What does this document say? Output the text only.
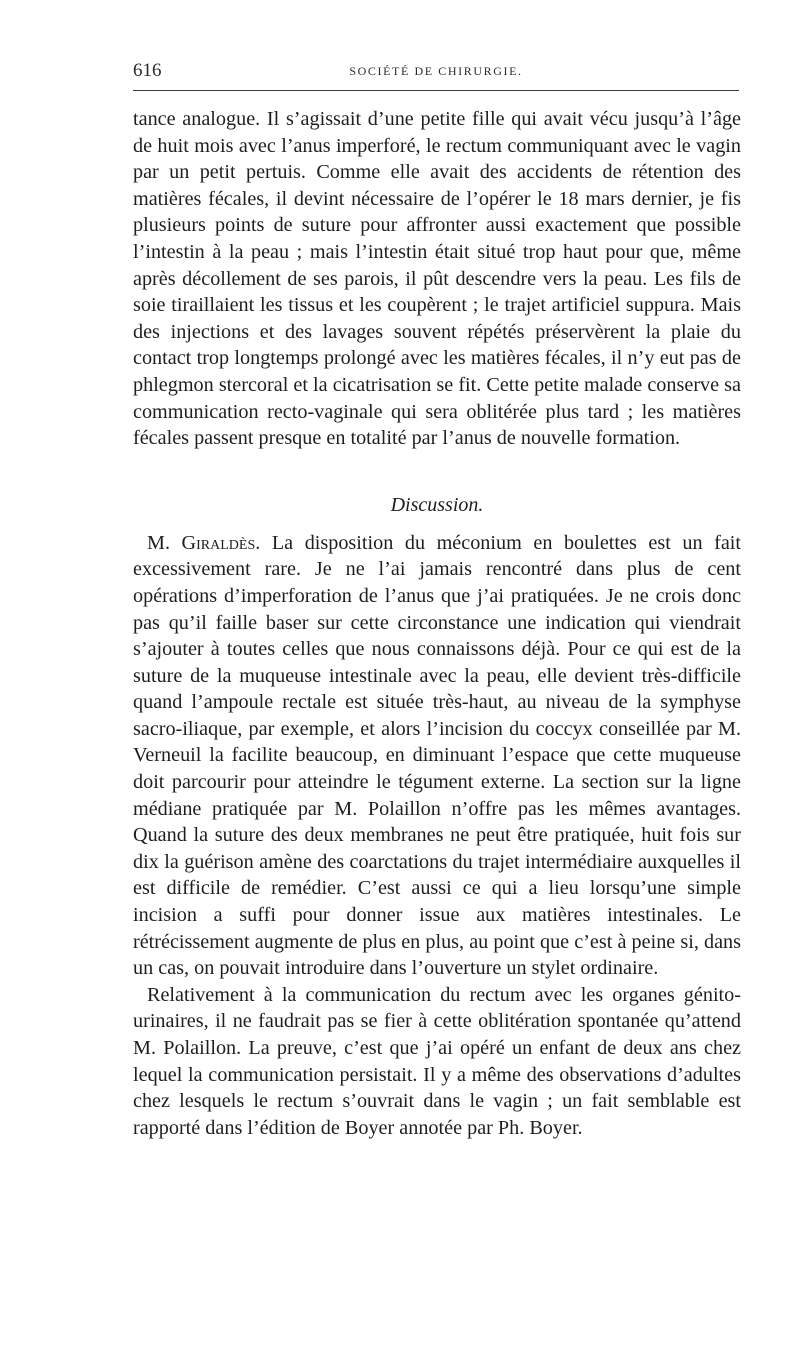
616	SOCIÉTÉ DE CHIRURGIE.

tance analogue. Il s’agissait d’une petite fille qui avait vécu jusqu’à l’âge de huit mois avec l’anus imperforé, le rectum communiquant avec le vagin par un petit pertuis. Comme elle avait des accidents de rétention des matières fécales, il devint nécessaire de l’opérer le 18 mars dernier, je fis plusieurs points de suture pour affronter aussi exactement que possible l’intestin à la peau ; mais l’intestin était situé trop haut pour que, même après décollement de ses parois, il pût descendre vers la peau. Les fils de soie tiraillaient les tissus et les coupèrent ; le trajet artificiel suppura. Mais des injections et des lavages souvent répétés préservèrent la plaie du contact trop longtemps prolongé avec les matières fécales, il n’y eut pas de phlegmon stercoral et la cicatrisation se fit. Cette petite malade conserve sa communication recto-vaginale qui sera oblitérée plus tard ; les matières fécales passent presque en totalité par l’anus de nouvelle formation.

Discussion.

M. Giraldès. La disposition du méconium en boulettes est un fait excessivement rare. Je ne l’ai jamais rencontré dans plus de cent opérations d’imperforation de l’anus que j’ai pratiquées. Je ne crois donc pas qu’il faille baser sur cette circonstance une indication qui viendrait s’ajouter à toutes celles que nous connaissons déjà. Pour ce qui est de la suture de la muqueuse intestinale avec la peau, elle devient très-difficile quand l’ampoule rectale est située très-haut, au niveau de la symphyse sacro-iliaque, par exemple, et alors l’incision du coccyx conseillée par M. Verneuil la facilite beaucoup, en diminuant l’espace que cette muqueuse doit parcourir pour atteindre le tégument externe. La section sur la ligne médiane pratiquée par M. Polaillon n’offre pas les mêmes avantages. Quand la suture des deux membranes ne peut être pratiquée, huit fois sur dix la guérison amène des coarctations du trajet intermédiaire auxquelles il est difficile de remédier. C’est aussi ce qui a lieu lorsqu’une simple incision a suffi pour donner issue aux matières intestinales. Le rétrécissement augmente de plus en plus, au point que c’est à peine si, dans un cas, on pouvait introduire dans l’ouverture un stylet ordinaire.

Relativement à la communication du rectum avec les organes génito-urinaires, il ne faudrait pas se fier à cette oblitération spontanée qu’attend M. Polaillon. La preuve, c’est que j’ai opéré un enfant de deux ans chez lequel la communication persistait. Il y a même des observations d’adultes chez lesquels le rectum s’ouvrait dans le vagin ; un fait semblable est rapporté dans l’édition de Boyer annotée par Ph. Boyer.
